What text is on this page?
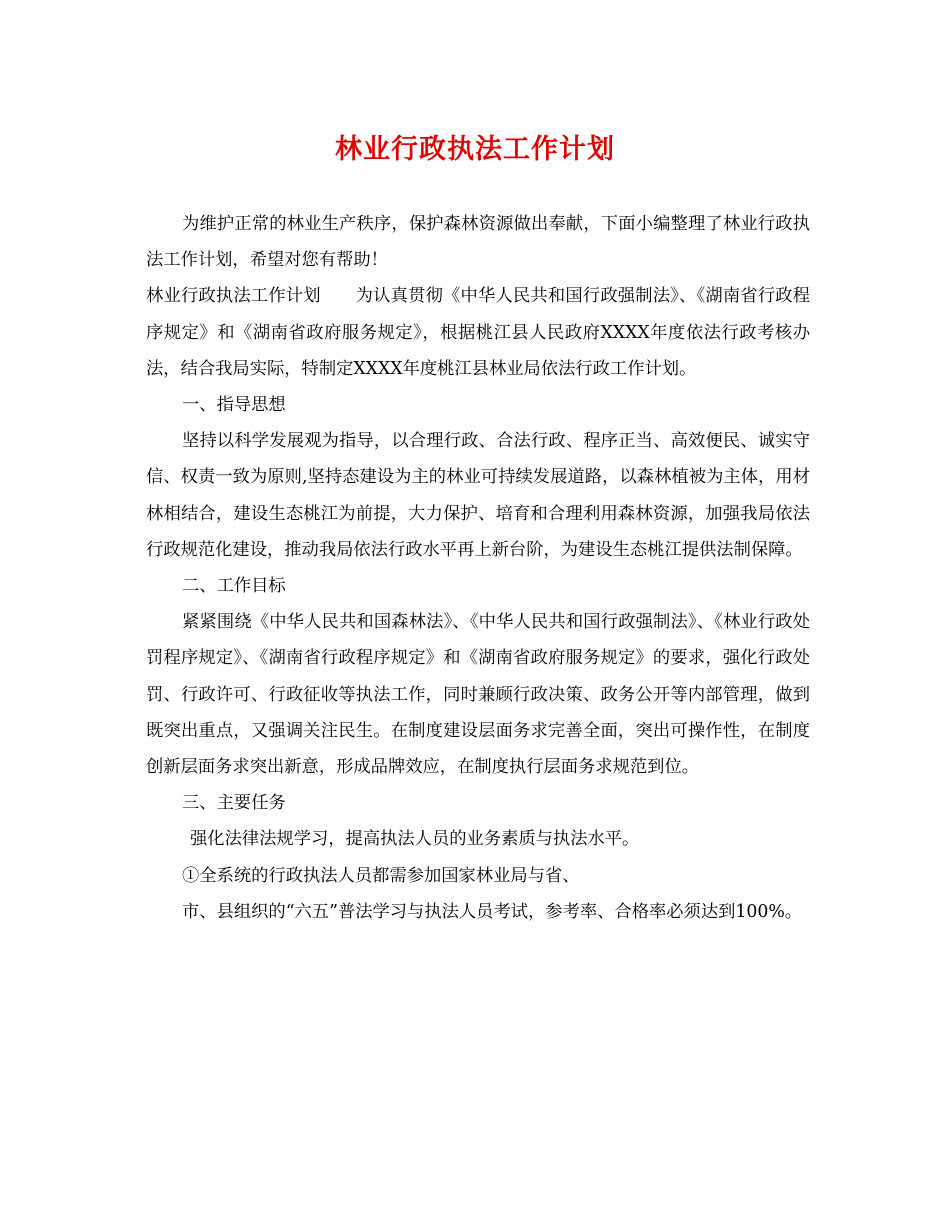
林业行政执法工作计划

为维护正常的林业生产秩序，保护森林资源做出奉献，下面小编整理了林业行政执法工作计划，希望对您有帮助！

林业行政执法工作计划　　为认真贯彻《中华人民共和国行政强制法》、《湖南省行政程序规定》和《湖南省政府服务规定》，根据桃江县人民政府XXXX年度依法行政考核办法，结合我局实际，特制定XXXX年度桃江县林业局依法行政工作计划。

一、指导思想

坚持以科学发展观为指导，以合理行政、合法行政、程序正当、高效便民、诚实守信、权责一致为原则,坚持态建设为主的林业可持续发展道路，以森林植被为主体，用材林相结合，建设生态桃江为前提，大力保护、培育和合理利用森林资源，加强我局依法行政规范化建设，推动我局依法行政水平再上新台阶，为建设生态桃江提供法制保障。

二、工作目标

紧紧围绕《中华人民共和国森林法》、《中华人民共和国行政强制法》、《林业行政处罚程序规定》、《湖南省行政程序规定》和《湖南省政府服务规定》的要求，强化行政处罚、行政许可、行政征收等执法工作，同时兼顾行政决策、政务公开等内部管理，做到既突出重点，又强调关注民生。在制度建设层面务求完善全面，突出可操作性，在制度创新层面务求突出新意，形成品牌效应，在制度执行层面务求规范到位。

三、主要任务

强化法律法规学习，提高执法人员的业务素质与执法水平。

①全系统的行政执法人员都需参加国家林业局与省、

市、县组织的“六五”普法学习与执法人员考试，参考率、合格率必须达到100%。
